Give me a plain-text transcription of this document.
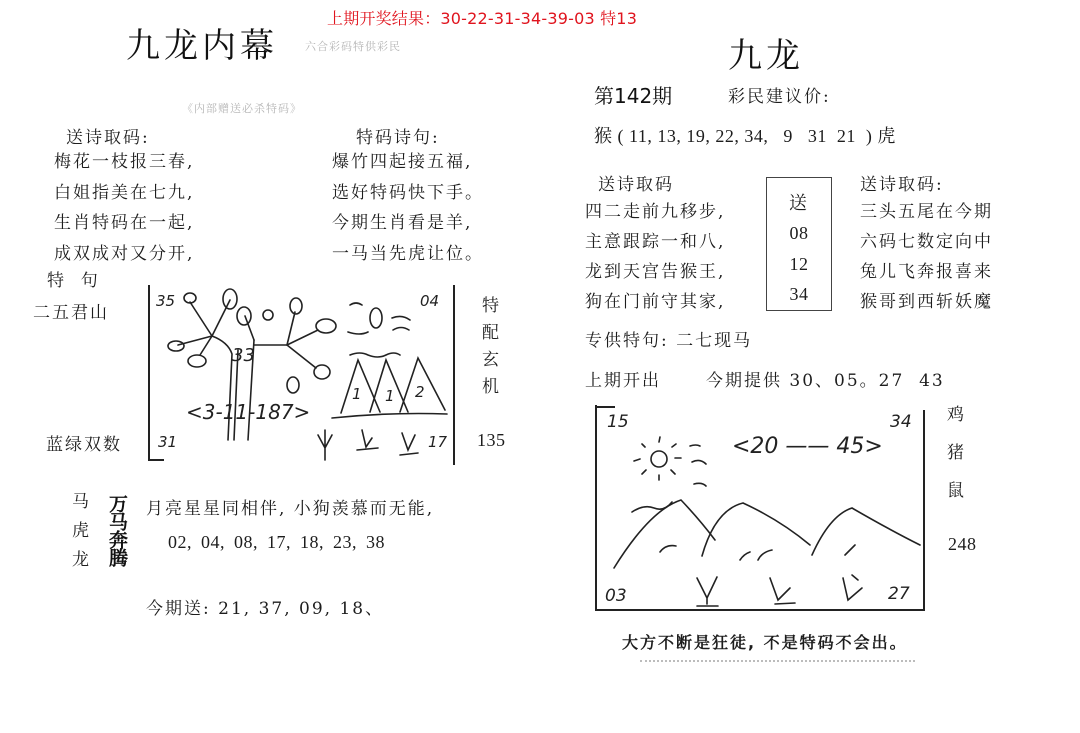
上期开奖结果：30-22-31-34-39-03 特13
九龙内幕 六合彩码特供彩民
《内部赠送必杀特码》
送诗取码:
梅花一枝报三春,
白姐指美在七九,
生肖特码在一起,
成双成对又分开,
特码诗句:
爆竹四起接五福,
选好特码快下手。
今期生肖看是羊,
一马当先虎让位。
特  句
二五君山
蓝绿双数
35	04
31	17
33
<3-11-187>
1 1 2	特配玄机
135
马虎龙 万马奔腾 月亮星星同相伴, 小狗羡慕而无能,
02, 04, 08, 17, 18, 23, 38
今期送: 21, 37, 09, 18、
九龙
第142期	彩民建议价:
猴 ( 11, 13, 19, 22, 34,   9   31  21  ) 虎
送诗取码
四二走前九移步,
主意跟踪一和八,
龙到天宫告猴王,
狗在门前守其家,
送
08
12
34
送诗取码:
三头五尾在今期
六码七数定向中
兔儿飞奔报喜来
猴哥到西斩妖魔
专供特句: 二七现马
上期开出	今期提供 30、05。27  43
15	34
03	27
<20 —— 45>
鸡猪鼠
248
大方不断是狂徒, 不是特码不会出。
